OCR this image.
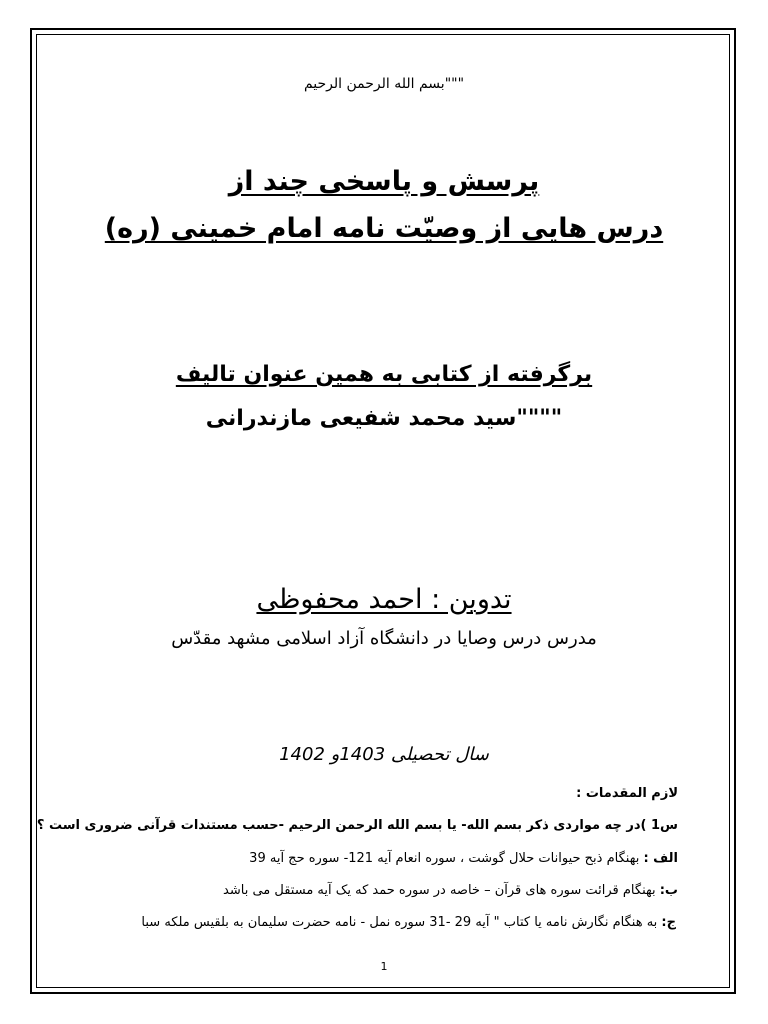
"""بسم الله الرحمن الرحیم
پرسش و پاسخی چند از
درس هایی از وصیّت نامه امام خمینی (ره)
برگرفته از کتابی به همین عنوان تالیف
""""سید محمد شفیعی مازندرانی
تدوین : احمد محفوظی
مدرس درس وصایا در دانشگاه آزاد اسلامی مشهد مقدّس
سال تحصیلی 1403و 1402
لازم المقدمات :
س1 )در چه مواردی ذکر بسم الله- یا بسم الله الرحمن الرحیم -حسب مستندات قرآنی ضروری است ؟
الف : بهنگام ذبح حیوانات حلال گوشت ، سوره انعام آیه 121- سوره حج آیه 39
ب: بهنگام قرائت سوره های قرآن – خاصه در سوره حمد که یک آیه مستقل می باشد
ج: به هنگام نگارش نامه یا کتاب " آیه 29 -31 سوره نمل - نامه حضرت سلیمان به بلقیس ملکه سبا
1
